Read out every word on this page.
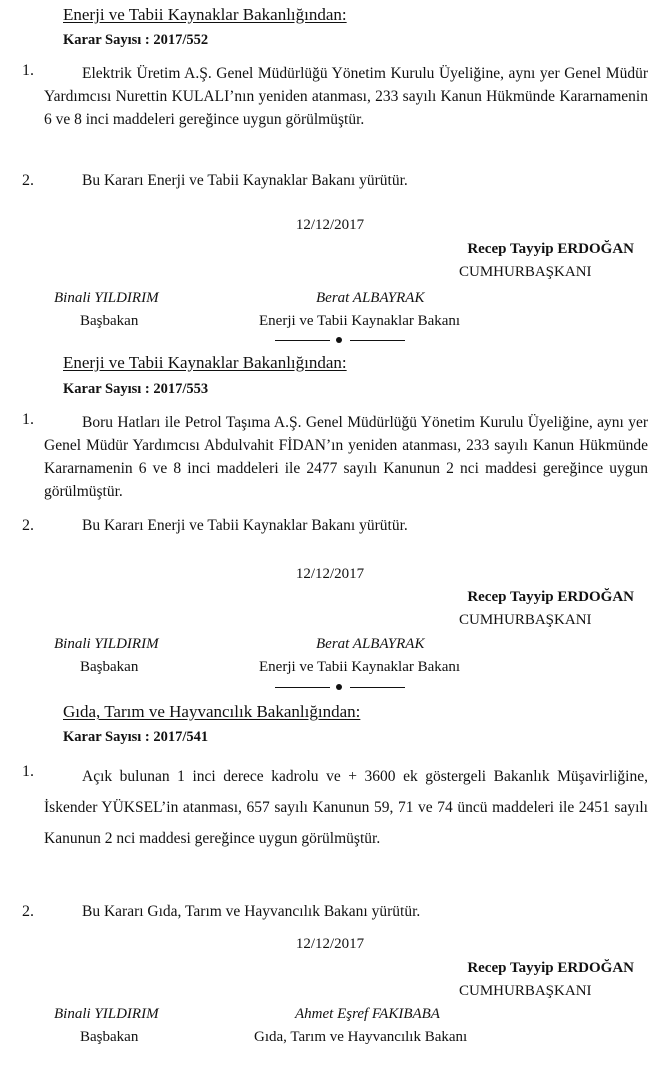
Enerji ve Tabii Kaynaklar Bakanlığından:
Karar Sayısı : 2017/552
1.	Elektrik Üretim A.Ş. Genel Müdürlüğü Yönetim Kurulu Üyeliğine, aynı yer Genel Müdür Yardımcısı Nurettin KULALI’nın yeniden atanması, 233 sayılı Kanun Hükmünde Kararnamenin 6 ve 8 inci maddeleri gereğince uygun görülmüştür.
2.	Bu Kararı Enerji ve Tabii Kaynaklar Bakanı yürütür.
12/12/2017
Recep Tayyip ERDOĞAN
CUMHURBAŞKANI
Binali YILDIRIM	Berat ALBAYRAK
Başbakan	Enerji ve Tabii Kaynaklar Bakanı
Enerji ve Tabii Kaynaklar Bakanlığından:
Karar Sayısı : 2017/553
1.	Boru Hatları ile Petrol Taşıma A.Ş. Genel Müdürlüğü Yönetim Kurulu Üyeliğine, aynı yer Genel Müdür Yardımcısı Abdulvahit FİDAN’ın yeniden atanması, 233 sayılı Kanun Hükmünde Kararnamenin 6 ve 8 inci maddeleri ile 2477 sayılı Kanunun 2 nci maddesi gereğince uygun görülmüştür.
2.	Bu Kararı Enerji ve Tabii Kaynaklar Bakanı yürütür.
12/12/2017
Recep Tayyip ERDOĞAN
CUMHURBAŞKANI
Binali YILDIRIM	Berat ALBAYRAK
Başbakan	Enerji ve Tabii Kaynaklar Bakanı
Gıda, Tarım ve Hayvancılık Bakanlığından:
Karar Sayısı : 2017/541
1.	Açık bulunan 1 inci derece kadrolu ve + 3600 ek göstergeli Bakanlık Müşavirliğine, İskender YÜKSEL’in atanması, 657 sayılı Kanunun 59, 71 ve 74 üncü maddeleri ile 2451 sayılı Kanunun 2 nci maddesi gereğince uygun görülmüştür.
2.	Bu Kararı Gıda, Tarım ve Hayvancılık Bakanı yürütür.
12/12/2017
Recep Tayyip ERDOĞAN
CUMHURBAŞKANI
Binali YILDIRIM	Ahmet Eşref FAKIBABA
Başbakan	Gıda, Tarım ve Hayvancılık Bakanı
